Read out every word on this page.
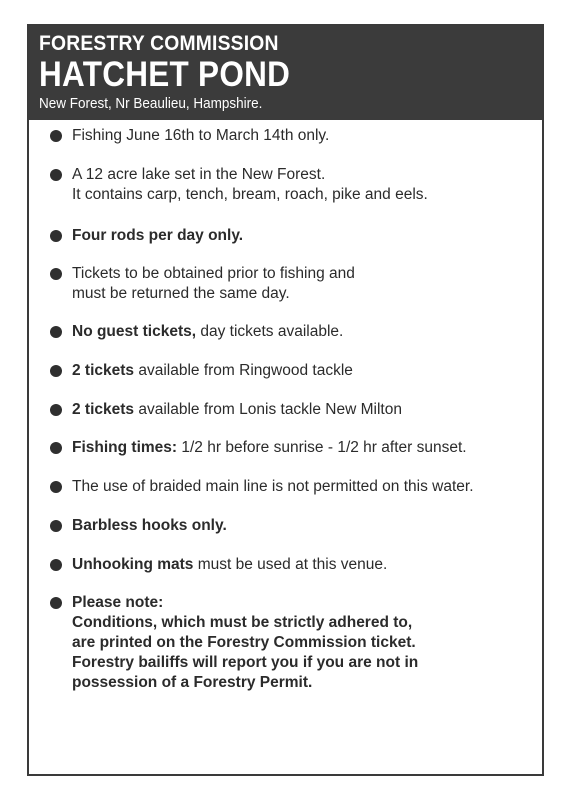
FORESTRY COMMISSION
HATCHET POND
New Forest, Nr Beaulieu, Hampshire.
Fishing June 16th to March 14th only.
A 12 acre lake set in the New Forest.
It contains carp, tench, bream, roach, pike and eels.
Four rods per day only.
Tickets to be obtained prior to fishing and
must be returned the same day.
No guest tickets, day tickets available.
2 tickets available from Ringwood tackle
2 tickets available from Lonis tackle New Milton
Fishing times: 1/2 hr before sunrise - 1/2 hr after sunset.
The use of braided main line is not permitted on this water.
Barbless hooks only.
Unhooking mats must be used at this venue.
Please note:
Conditions, which must be strictly adhered to,
are printed on the Forestry Commission ticket.
Forestry bailiffs will report you if you are not in
possession of a Forestry Permit.
